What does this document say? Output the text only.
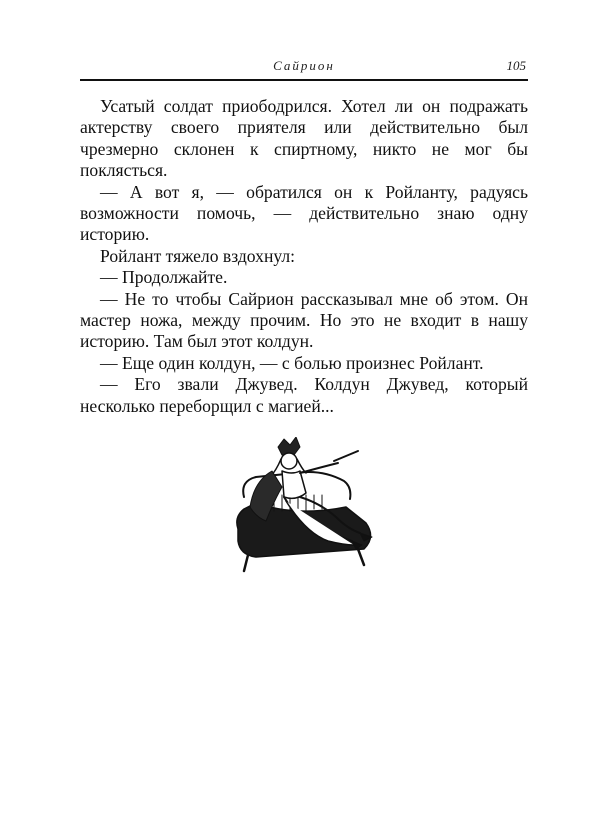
Сайрион	105

Усатый солдат приободрился. Хотел ли он подражать актерству своего приятеля или действительно был чрезмерно склонен к спиртному, никто не мог бы поклясться.

— А вот я, — обратился он к Ройланту, радуясь возможности помочь, — действительно знаю одну историю.

Ройлант тяжело вздохнул:

— Продолжайте.

— Не то чтобы Сайрион рассказывал мне об этом. Он мастер ножа, между прочим. Но это не входит в нашу историю. Там был этот колдун.

— Еще один колдун, — с болью произнес Ройлант.

— Его звали Джувед. Колдун Джувед, который несколько переборщил с магией...
